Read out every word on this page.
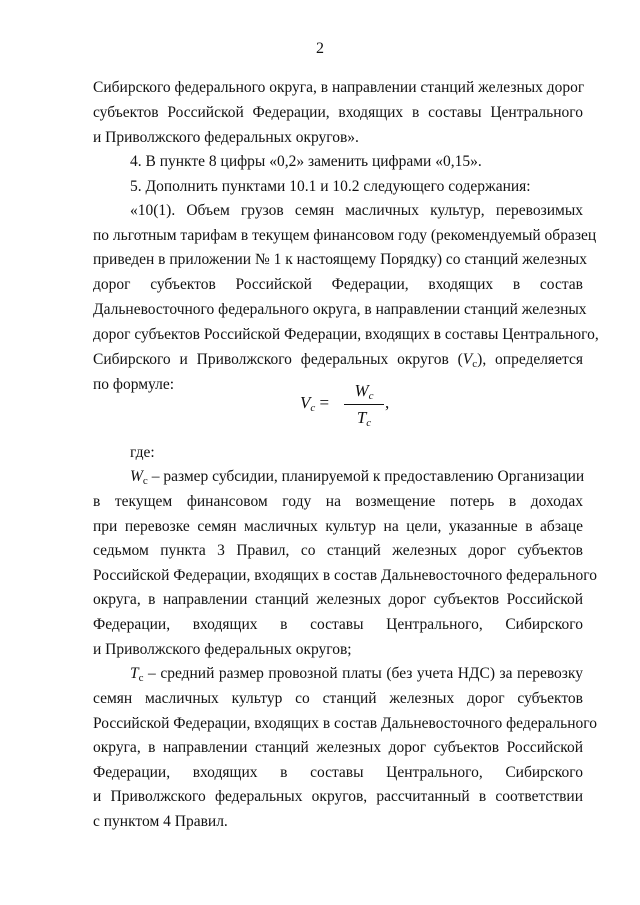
2
Сибирского федерального округа, в направлении станций железных дорог
субъектов Российской Федерации, входящих в составы Центрального
и Приволжского федеральных округов».
4. В пункте 8 цифры «0,2» заменить цифрами «0,15».
5. Дополнить пунктами 10.1 и 10.2 следующего содержания:
«10(1). Объем грузов семян масличных культур, перевозимых
по льготным тарифам в текущем финансовом году (рекомендуемый образец
приведен в приложении № 1 к настоящему Порядку) со станций железных
дорог субъектов Российской Федерации, входящих в состав
Дальневосточного федерального округа, в направлении станций железных
дорог субъектов Российской Федерации, входящих в составы Центрального,
Сибирского и Приволжского федеральных округов $(V_c)$, определяется
по формуле:
$V_c$ =
$W_c$
$T_c$
,
где:
$W_c$ – размер субсидии, планируемой к предоставлению Организации
в текущем финансовом году на возмещение потерь в доходах
при перевозке семян масличных культур на цели, указанные в абзаце
седьмом пункта 3 Правил, со станций железных дорог субъектов
Российской Федерации, входящих в состав Дальневосточного федерального
округа, в направлении станций железных дорог субъектов Российской
Федерации, входящих в составы Центрального, Сибирского
и Приволжского федеральных округов;
$T_c$ – средний размер провозной платы (без учета НДС) за перевозку
семян масличных культур со станций железных дорог субъектов
Российской Федерации, входящих в состав Дальневосточного федерального
округа, в направлении станций железных дорог субъектов Российской
Федерации, входящих в составы Центрального, Сибирского
и Приволжского федеральных округов, рассчитанный в соответствии
с пунктом 4 Правил.
